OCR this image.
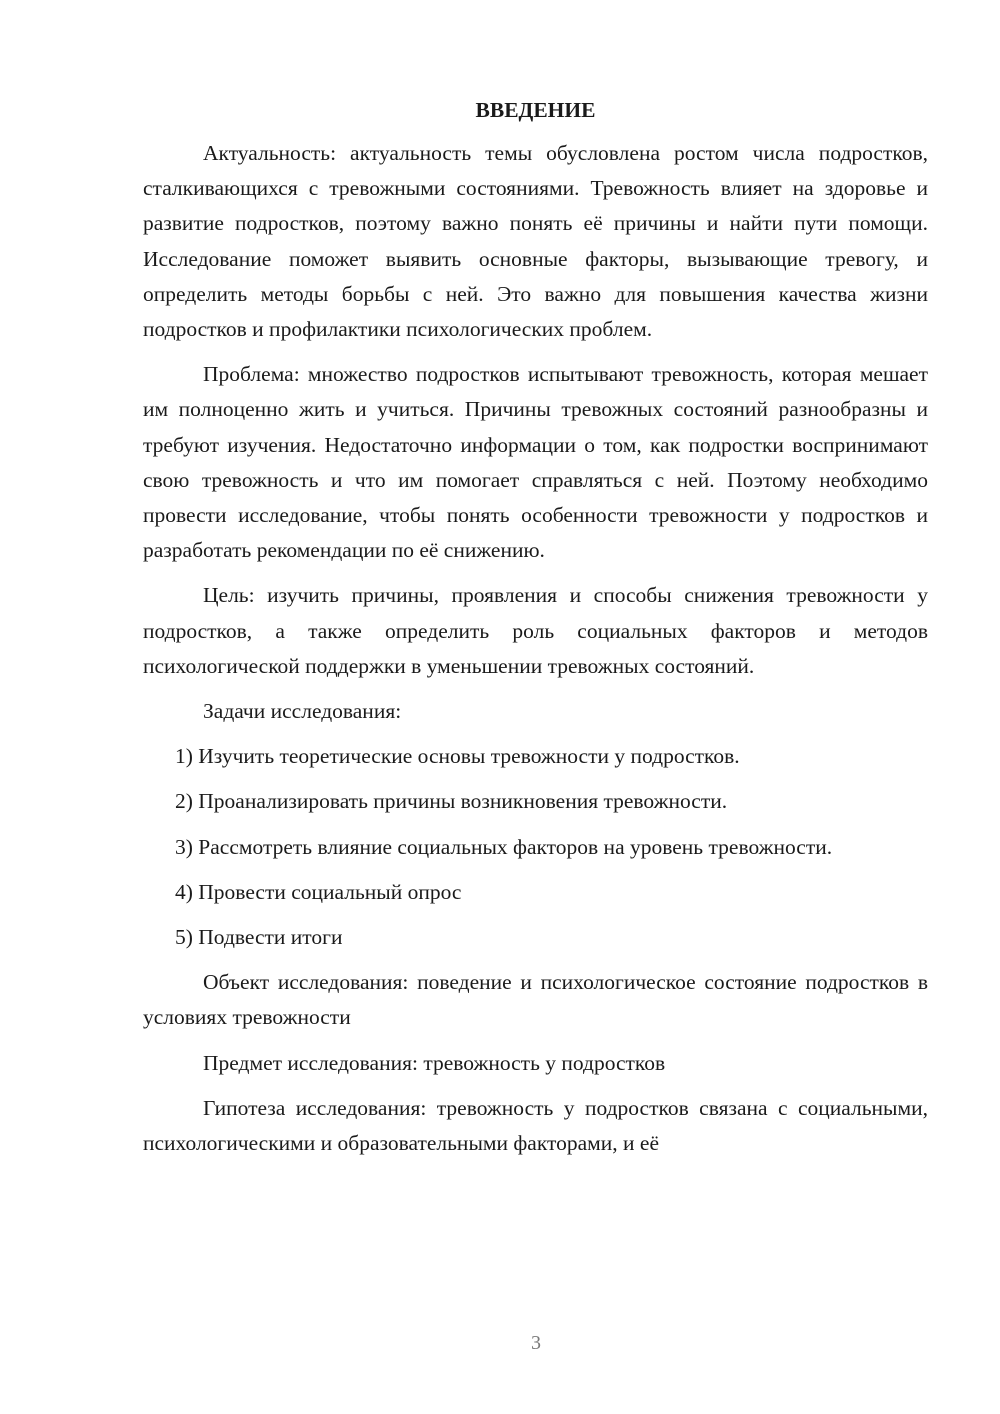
ВВЕДЕНИЕ

Актуальность: актуальность темы обусловлена ростом числа подростков, сталкивающихся с тревожными состояниями. Тревожность влияет на здоровье и развитие подростков, поэтому важно понять её причины и найти пути помощи. Исследование поможет выявить основные факторы, вызывающие тревогу, и определить методы борьбы с ней. Это важно для повышения качества жизни подростков и профилактики психологических проблем.

Проблема: множество подростков испытывают тревожность, которая мешает им полноценно жить и учиться. Причины тревожных состояний разнообразны и требуют изучения. Недостаточно информации о том, как подростки воспринимают свою тревожность и что им помогает справляться с ней. Поэтому необходимо провести исследование, чтобы понять особенности тревожности у подростков и разработать рекомендации по её снижению.

Цель: изучить причины, проявления и способы снижения тревожности у подростков, а также определить роль социальных факторов и методов психологической поддержки в уменьшении тревожных состояний.

Задачи исследования:

1) Изучить теоретические основы тревожности у подростков.

2) Проанализировать причины возникновения тревожности.

3) Рассмотреть влияние социальных факторов на уровень тревожности.

4) Провести социальный опрос

5) Подвести итоги

Объект исследования: поведение и психологическое состояние подростков в условиях тревожности

Предмет исследования: тревожность у подростков

Гипотеза исследования: тревожность у подростков связана с социальными, психологическими и образовательными факторами, и её

3
